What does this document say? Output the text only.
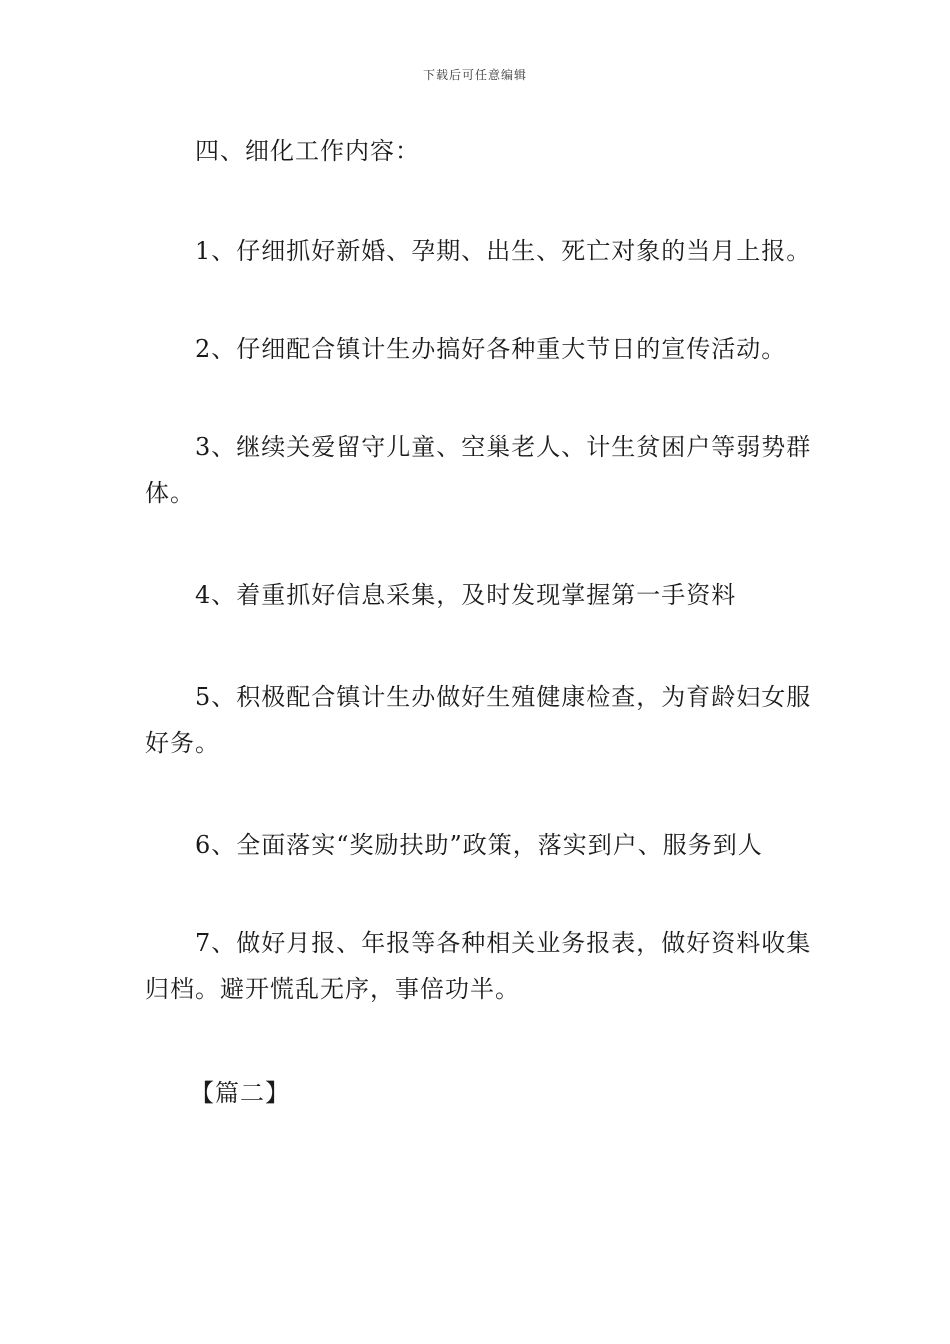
下载后可任意编辑

四、细化工作内容：

1、仔细抓好新婚、孕期、出生、死亡对象的当月上报。

2、仔细配合镇计生办搞好各种重大节日的宣传活动。

3、继续关爱留守儿童、空巢老人、计生贫困户等弱势群体。

4、着重抓好信息采集，及时发现掌握第一手资料

5、积极配合镇计生办做好生殖健康检查，为育龄妇女服好务。

6、全面落实“奖励扶助”政策，落实到户、服务到人

7、做好月报、年报等各种相关业务报表，做好资料收集归档。避开慌乱无序，事倍功半。

【篇二】
